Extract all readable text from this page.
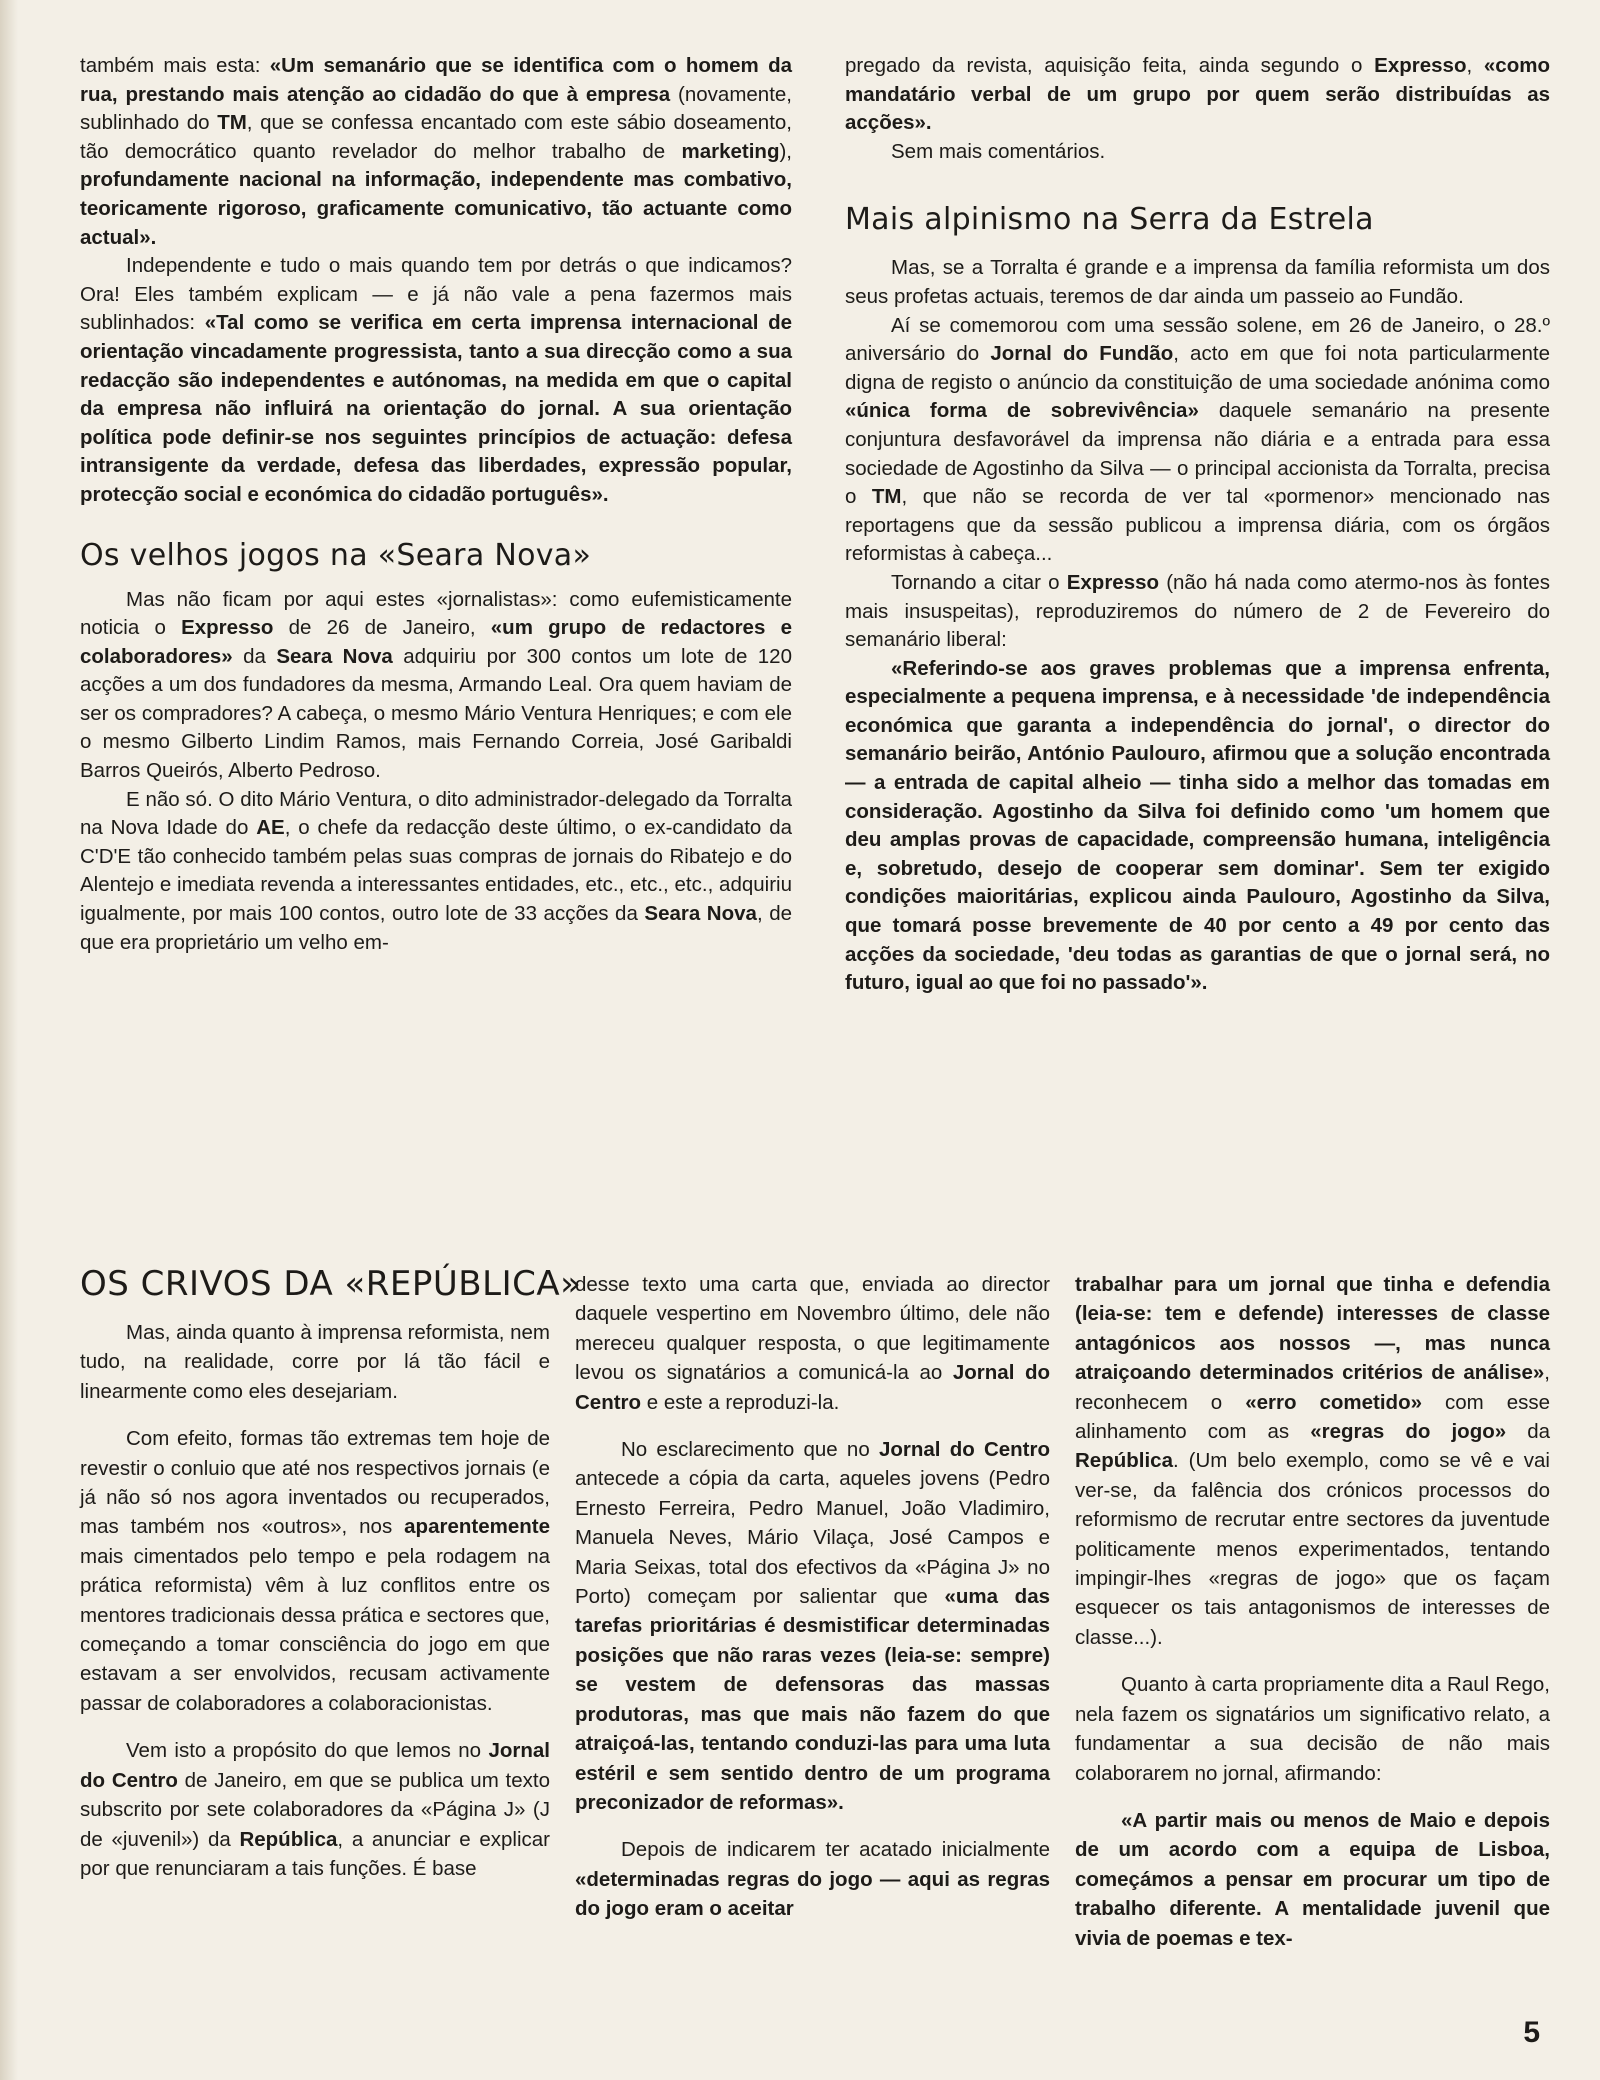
também mais esta: «Um semanário que se identifica com o homem da rua, prestando mais atenção ao cidadão do que à empresa (novamente, sublinhado do TM, que se confessa encantado com este sábio doseamento, tão democrático quanto revelador do melhor trabalho de marketing), profundamente nacional na informação, independente mas combativo, teoricamente rigoroso, graficamente comunicativo, tão actuante como actual».

Independente e tudo o mais quando tem por detrás o que indicamos? Ora! Eles também explicam — e já não vale a pena fazermos mais sublinhados: «Tal como se verifica em certa imprensa internacional de orientação vincadamente progressista, tanto a sua direcção como a sua redacção são independentes e autónomas, na medida em que o capital da empresa não influirá na orientação do jornal. A sua orientação política pode definir-se nos seguintes princípios de actuação: defesa intransigente da verdade, defesa das liberdades, expressão popular, protecção social e económica do cidadão português».

Os velhos jogos na «Seara Nova»

Mas não ficam por aqui estes «jornalistas»: como eufemisticamente noticia o Expresso de 26 de Janeiro, «um grupo de redactores e colaboradores» da Seara Nova adquiriu por 300 contos um lote de 120 acções a um dos fundadores da mesma, Armando Leal. Ora quem haviam de ser os compradores? A cabeça, o mesmo Mário Ventura Henriques; e com ele o mesmo Gilberto Lindim Ramos, mais Fernando Correia, José Garibaldi Barros Queirós, Alberto Pedroso.

E não só. O dito Mário Ventura, o dito administrador-delegado da Torralta na Nova Idade do AE, o chefe da redacção deste último, o ex-candidato da C'D'E tão conhecido também pelas suas compras de jornais do Ribatejo e do Alentejo e imediata revenda a interessantes entidades, etc., etc., etc., adquiriu igualmente, por mais 100 contos, outro lote de 33 acções da Seara Nova, de que era proprietário um velho em-

pregado da revista, aquisição feita, ainda segundo o Expresso, «como mandatário verbal de um grupo por quem serão distribuídas as acções».

Sem mais comentários.

Mais alpinismo na Serra da Estrela

Mas, se a Torralta é grande e a imprensa da família reformista um dos seus profetas actuais, teremos de dar ainda um passeio ao Fundão.

Aí se comemorou com uma sessão solene, em 26 de Janeiro, o 28.º aniversário do Jornal do Fundão, acto em que foi nota particularmente digna de registo o anúncio da constituição de uma sociedade anónima como «única forma de sobrevivência» daquele semanário na presente conjuntura desfavorável da imprensa não diária e a entrada para essa sociedade de Agostinho da Silva — o principal accionista da Torralta, precisa o TM, que não se recorda de ver tal «pormenor» mencionado nas reportagens que da sessão publicou a imprensa diária, com os órgãos reformistas à cabeça...

Tornando a citar o Expresso (não há nada como atermo-nos às fontes mais insuspeitas), reproduziremos do número de 2 de Fevereiro do semanário liberal:

«Referindo-se aos graves problemas que a imprensa enfrenta, especialmente a pequena imprensa, e à necessidade 'de independência económica que garanta a independência do jornal', o director do semanário beirão, António Paulouro, afirmou que a solução encontrada — a entrada de capital alheio — tinha sido a melhor das tomadas em consideração. Agostinho da Silva foi definido como 'um homem que deu amplas provas de capacidade, compreensão humana, inteligência e, sobretudo, desejo de cooperar sem dominar'. Sem ter exigido condições maioritárias, explicou ainda Paulouro, Agostinho da Silva, que tomará posse brevemente de 40 por cento a 49 por cento das acções da sociedade, 'deu todas as garantias de que o jornal será, no futuro, igual ao que foi no passado'».

OS CRIVOS DA «REPÚBLICA»

Mas, ainda quanto à imprensa reformista, nem tudo, na realidade, corre por lá tão fácil e linearmente como eles desejariam.

Com efeito, formas tão extremas tem hoje de revestir o conluio que até nos respectivos jornais (e já não só nos agora inventados ou recuperados, mas também nos «outros», nos aparentemente mais cimentados pelo tempo e pela rodagem na prática reformista) vêm à luz conflitos entre os mentores tradicionais dessa prática e sectores que, começando a tomar consciência do jogo em que estavam a ser envolvidos, recusam activamente passar de colaboradores a colaboracionistas.

Vem isto a propósito do que lemos no Jornal do Centro de Janeiro, em que se publica um texto subscrito por sete colaboradores da «Página J» (J de «juvenil») da República, a anunciar e explicar por que renunciaram a tais funções. É base

desse texto uma carta que, enviada ao director daquele vespertino em Novembro último, dele não mereceu qualquer resposta, o que legitimamente levou os signatários a comunicá-la ao Jornal do Centro e este a reproduzi-la.

No esclarecimento que no Jornal do Centro antecede a cópia da carta, aqueles jovens (Pedro Ernesto Ferreira, Pedro Manuel, João Vladimiro, Manuela Neves, Mário Vilaça, José Campos e Maria Seixas, total dos efectivos da «Página J» no Porto) começam por salientar que «uma das tarefas prioritárias é desmistificar determinadas posições que não raras vezes (leia-se: sempre) se vestem de defensoras das massas produtoras, mas que mais não fazem do que atraiçoá-las, tentando conduzi-las para uma luta estéril e sem sentido dentro de um programa preconizador de reformas».

Depois de indicarem ter acatado inicialmente «determinadas regras do jogo — aqui as regras do jogo eram o aceitar

trabalhar para um jornal que tinha e defendia (leia-se: tem e defende) interesses de classe antagónicos aos nossos —, mas nunca atraiçoando determinados critérios de análise», reconhecem o «erro cometido» com esse alinhamento com as «regras do jogo» da República. (Um belo exemplo, como se vê e vai ver-se, da falência dos crónicos processos do reformismo de recrutar entre sectores da juventude politicamente menos experimentados, tentando impingir-lhes «regras de jogo» que os façam esquecer os tais antagonismos de interesses de classe...).

Quanto à carta propriamente dita a Raul Rego, nela fazem os signatários um significativo relato, a fundamentar a sua decisão de não mais colaborarem no jornal, afirmando:

«A partir mais ou menos de Maio e depois de um acordo com a equipa de Lisboa, começámos a pensar em procurar um tipo de trabalho diferente. A mentalidade juvenil que vivia de poemas e tex-

5
